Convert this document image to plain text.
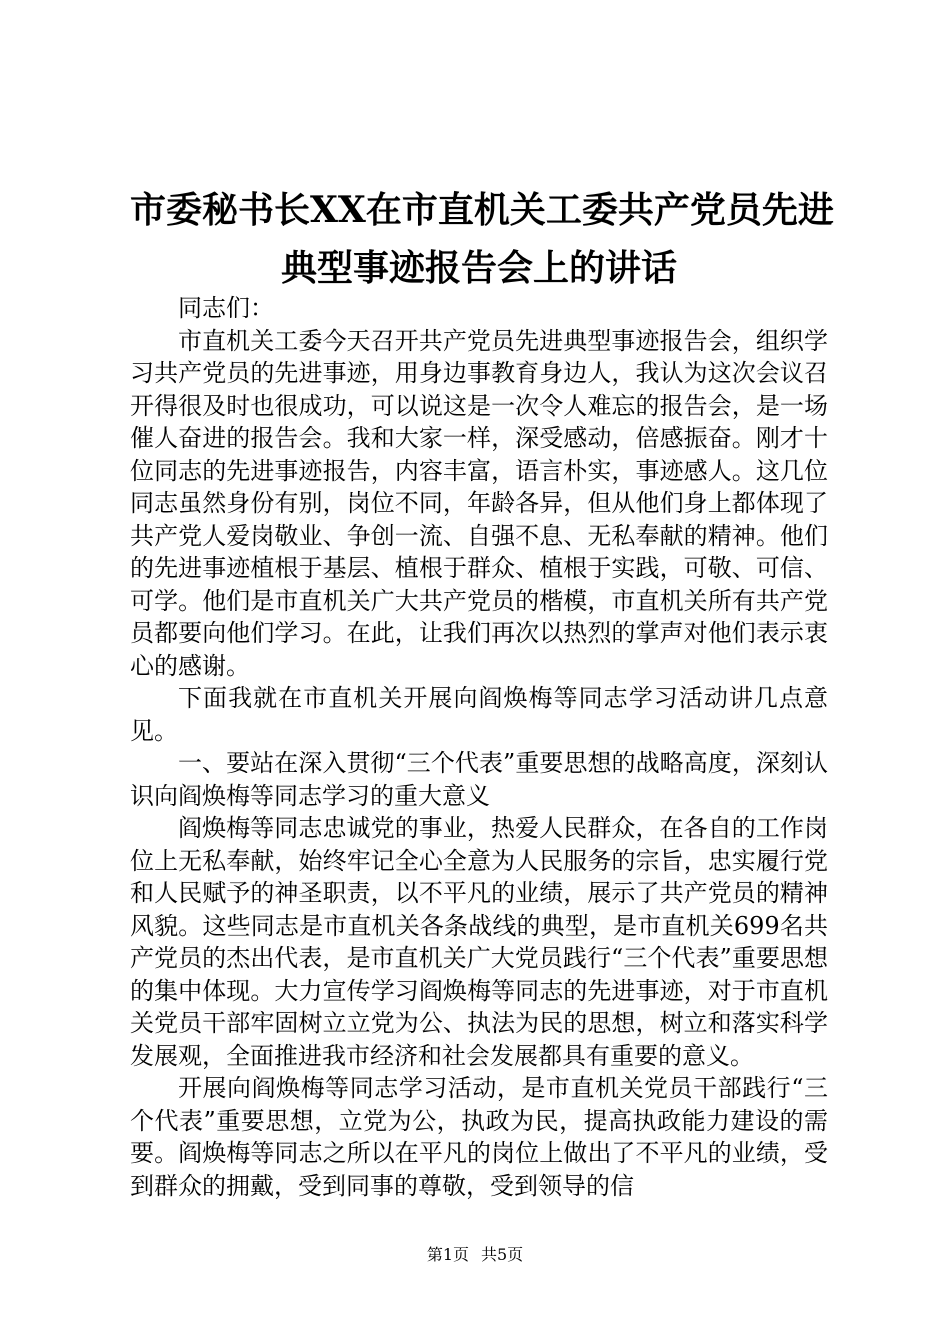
市委秘书长XX在市直机关工委共产党员先进
典型事迹报告会上的讲话

同志们：

市直机关工委今天召开共产党员先进典型事迹报告会，组织学习共产党员的先进事迹，用身边事教育身边人，我认为这次会议召开得很及时也很成功，可以说这是一次令人难忘的报告会，是一场催人奋进的报告会。我和大家一样，深受感动，倍感振奋。刚才十位同志的先进事迹报告，内容丰富，语言朴实，事迹感人。这几位同志虽然身份有别，岗位不同，年龄各异，但从他们身上都体现了共产党人爱岗敬业、争创一流、自强不息、无私奉献的精神。他们的先进事迹植根于基层、植根于群众、植根于实践，可敬、可信、可学。他们是市直机关广大共产党员的楷模，市直机关所有共产党员都要向他们学习。在此，让我们再次以热烈的掌声对他们表示衷心的感谢。

下面我就在市直机关开展向阎焕梅等同志学习活动讲几点意见。

一、要站在深入贯彻“三个代表”重要思想的战略高度，深刻认识向阎焕梅等同志学习的重大意义

阎焕梅等同志忠诚党的事业，热爱人民群众，在各自的工作岗位上无私奉献，始终牢记全心全意为人民服务的宗旨，忠实履行党和人民赋予的神圣职责，以不平凡的业绩，展示了共产党员的精神风貌。这些同志是市直机关各条战线的典型，是市直机关699名共产党员的杰出代表，是市直机关广大党员践行“三个代表”重要思想的集中体现。大力宣传学习阎焕梅等同志的先进事迹，对于市直机关党员干部牢固树立立党为公、执法为民的思想，树立和落实科学发展观，全面推进我市经济和社会发展都具有重要的意义。

开展向阎焕梅等同志学习活动，是市直机关党员干部践行“三个代表”重要思想，立党为公，执政为民，提高执政能力建设的需要。阎焕梅等同志之所以在平凡的岗位上做出了不平凡的业绩，受到群众的拥戴，受到同事的尊敬，受到领导的信

第1页 共5页
